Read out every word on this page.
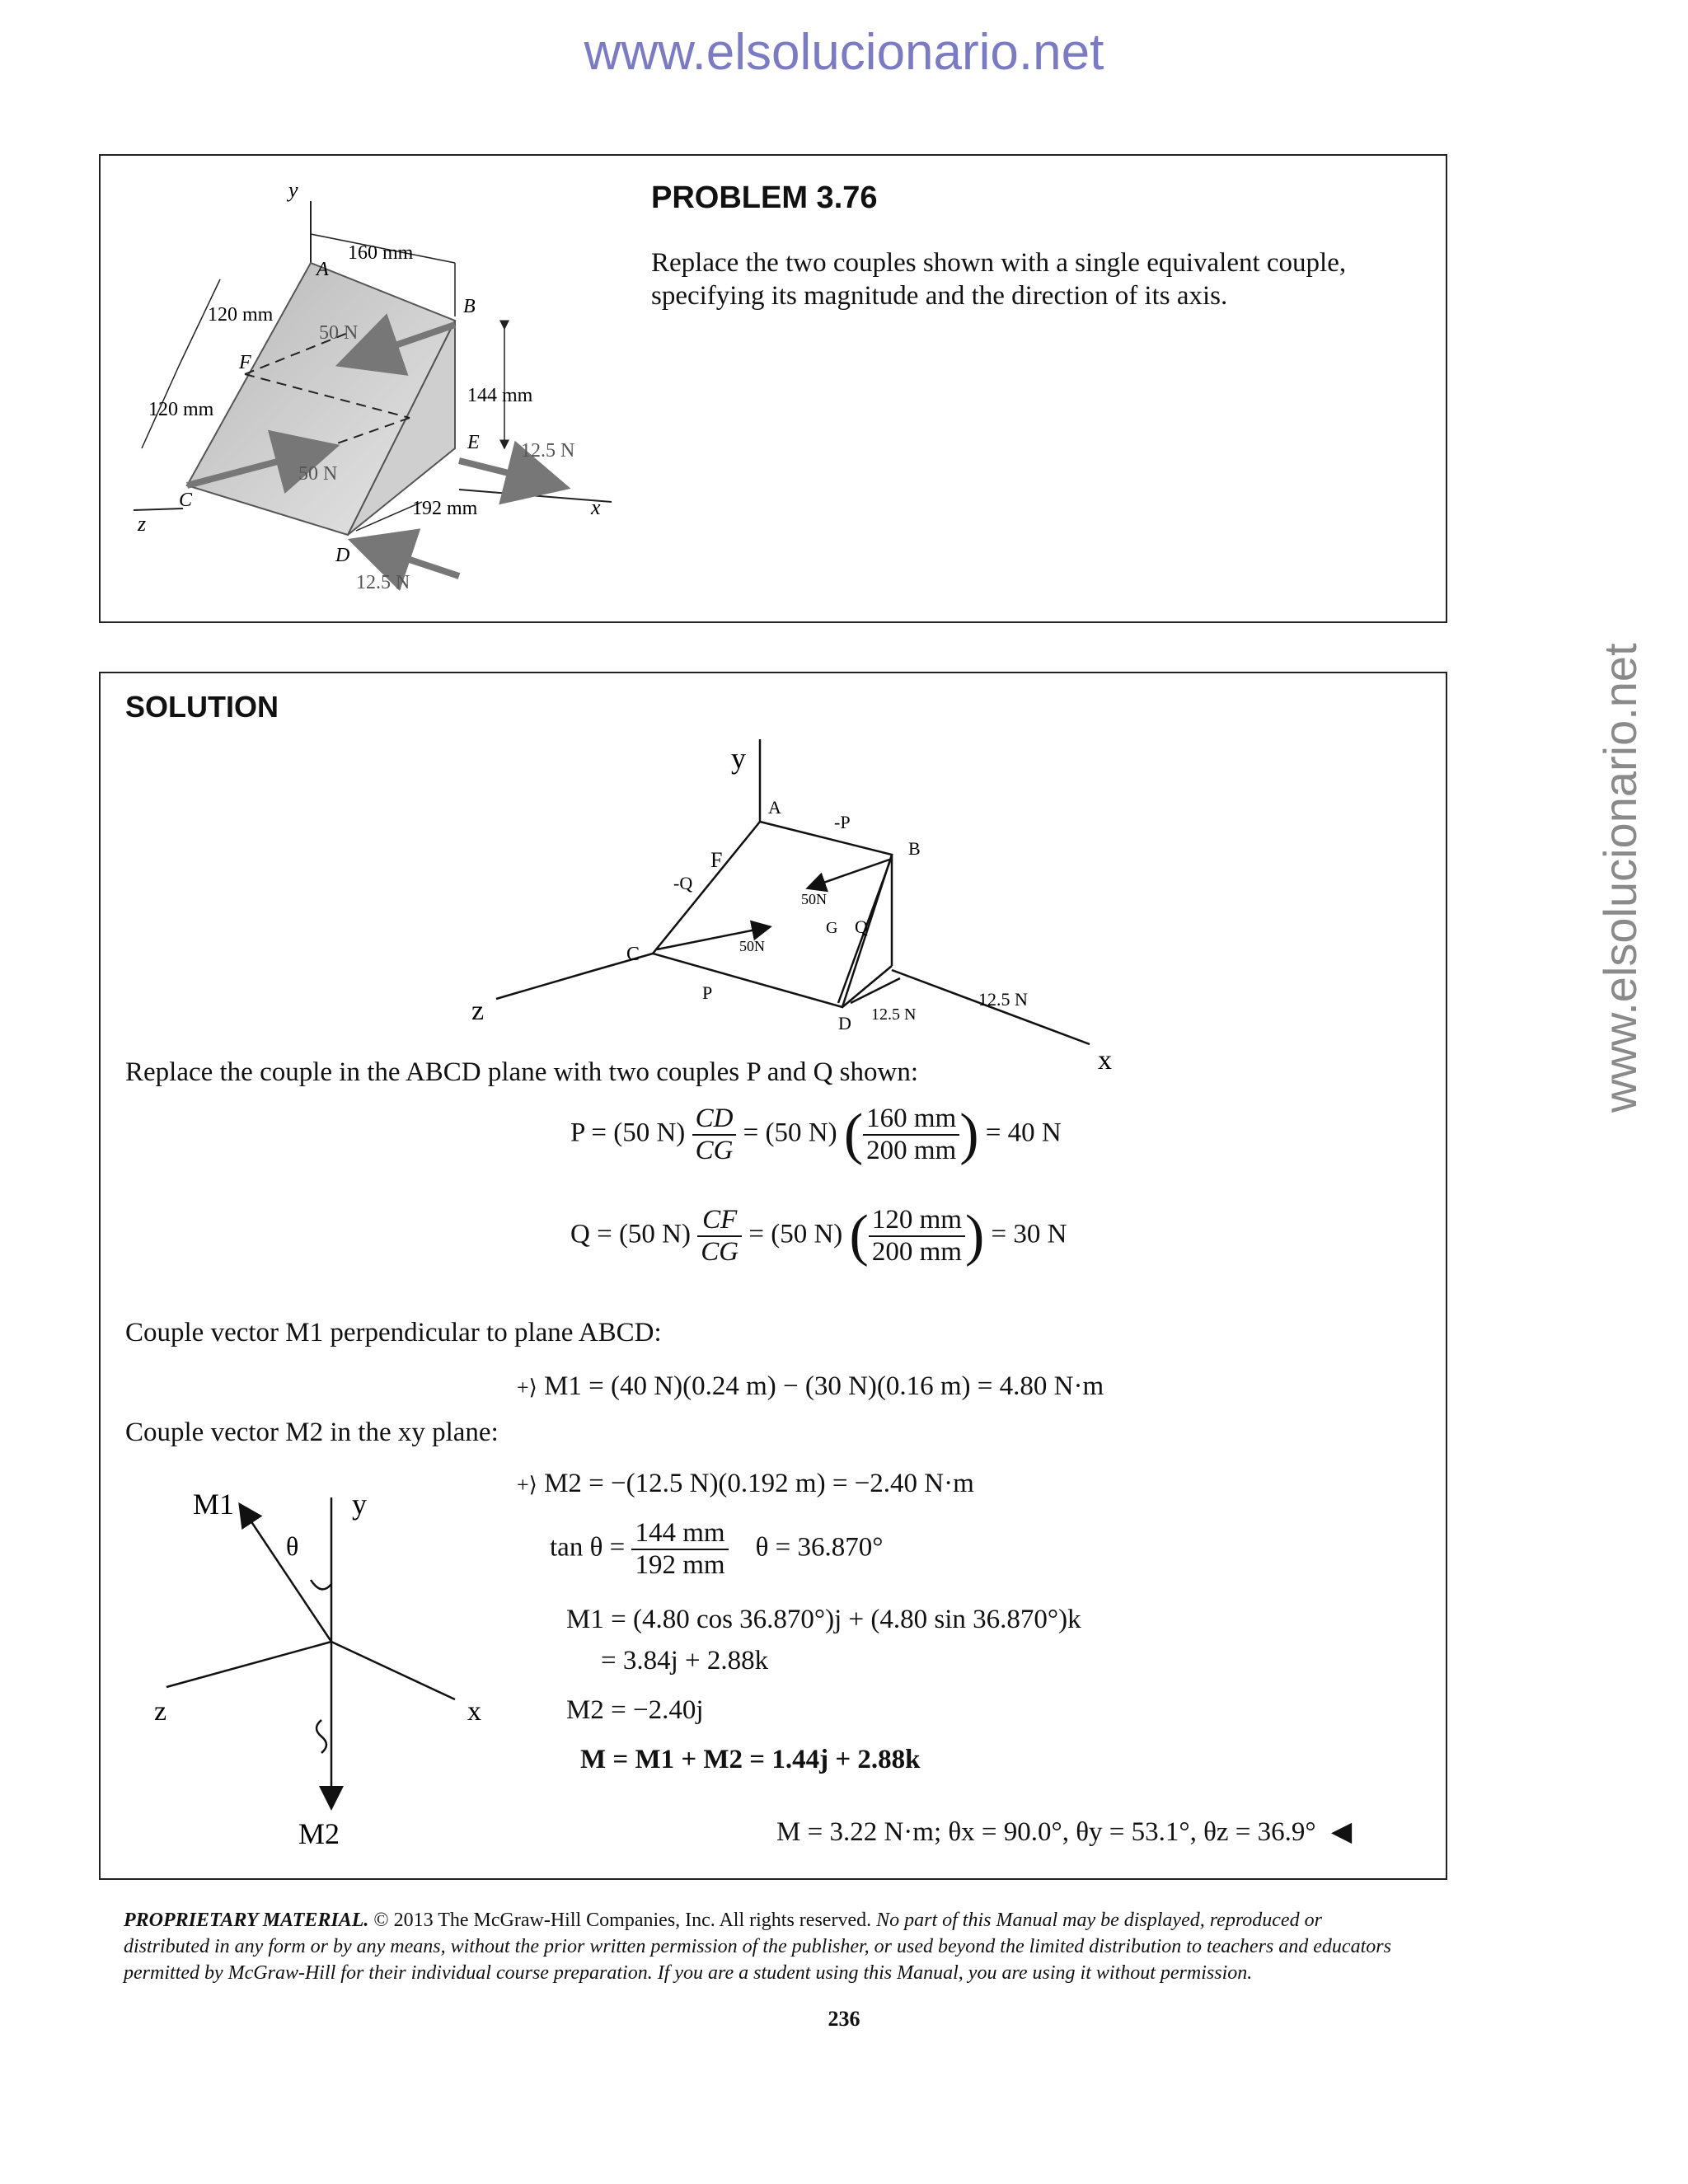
www.elsolucionario.net
www.elsolucionario.net
y
x
z
A
B
C
D
E
F
160 mm
120 mm
120 mm
144 mm
192 mm
50 N
50 N
12.5 N
12.5 N
PROBLEM 3.76
Replace the two couples shown with a single equivalent couple, specifying its magnitude and the direction of its axis.
SOLUTION
y
x
z
A
B
C
D
F
G
-P
-Q
P
Q
50N
50N
12.5 N
12.5 N
Replace the couple in the ABCD plane with two couples P and Q shown:
P = (50 $N) \frac{CD}{CG} = (50$ N) ( $\frac{160 mm}{200 mm}$ ) = 40 N
Q = (50 $N) \frac{CF}{CG} = (50$ N) ( $\frac{120 mm}{200 mm}$ ) = 30 N
Couple vector M1 perpendicular to plane ABCD:
+⟩ M1 = (40 N)(0.24 m) − (30 N)(0.16 m) = 4.80 N·m
Couple vector M2 in the xy plane:
M1
M2
y
x
z
θ
+⟩ M2 = −(12.5 N)(0.192 m) = −2.40 N·m
$\tan \theta = \frac{144 mm}{192 mm}$ θ = 36.870°
M1 = (4.80 cos 36.870°)j + (4.80 sin 36.870°)k
= 3.84j + 2.88k
M2 = −2.40j
M = M1 + M2 = 1.44j + 2.88k
M = 3.22 N·m; θx = 90.0°, θy = 53.1°, θz = 36.9° ◀
PROPRIETARY MATERIAL. © 2013 The McGraw-Hill Companies, Inc. All rights reserved. No part of this Manual may be displayed, reproduced or distributed in any form or by any means, without the prior written permission of the publisher, or used beyond the limited distribution to teachers and educators permitted by McGraw-Hill for their individual course preparation. If you are a student using this Manual, you are using it without permission.
236
